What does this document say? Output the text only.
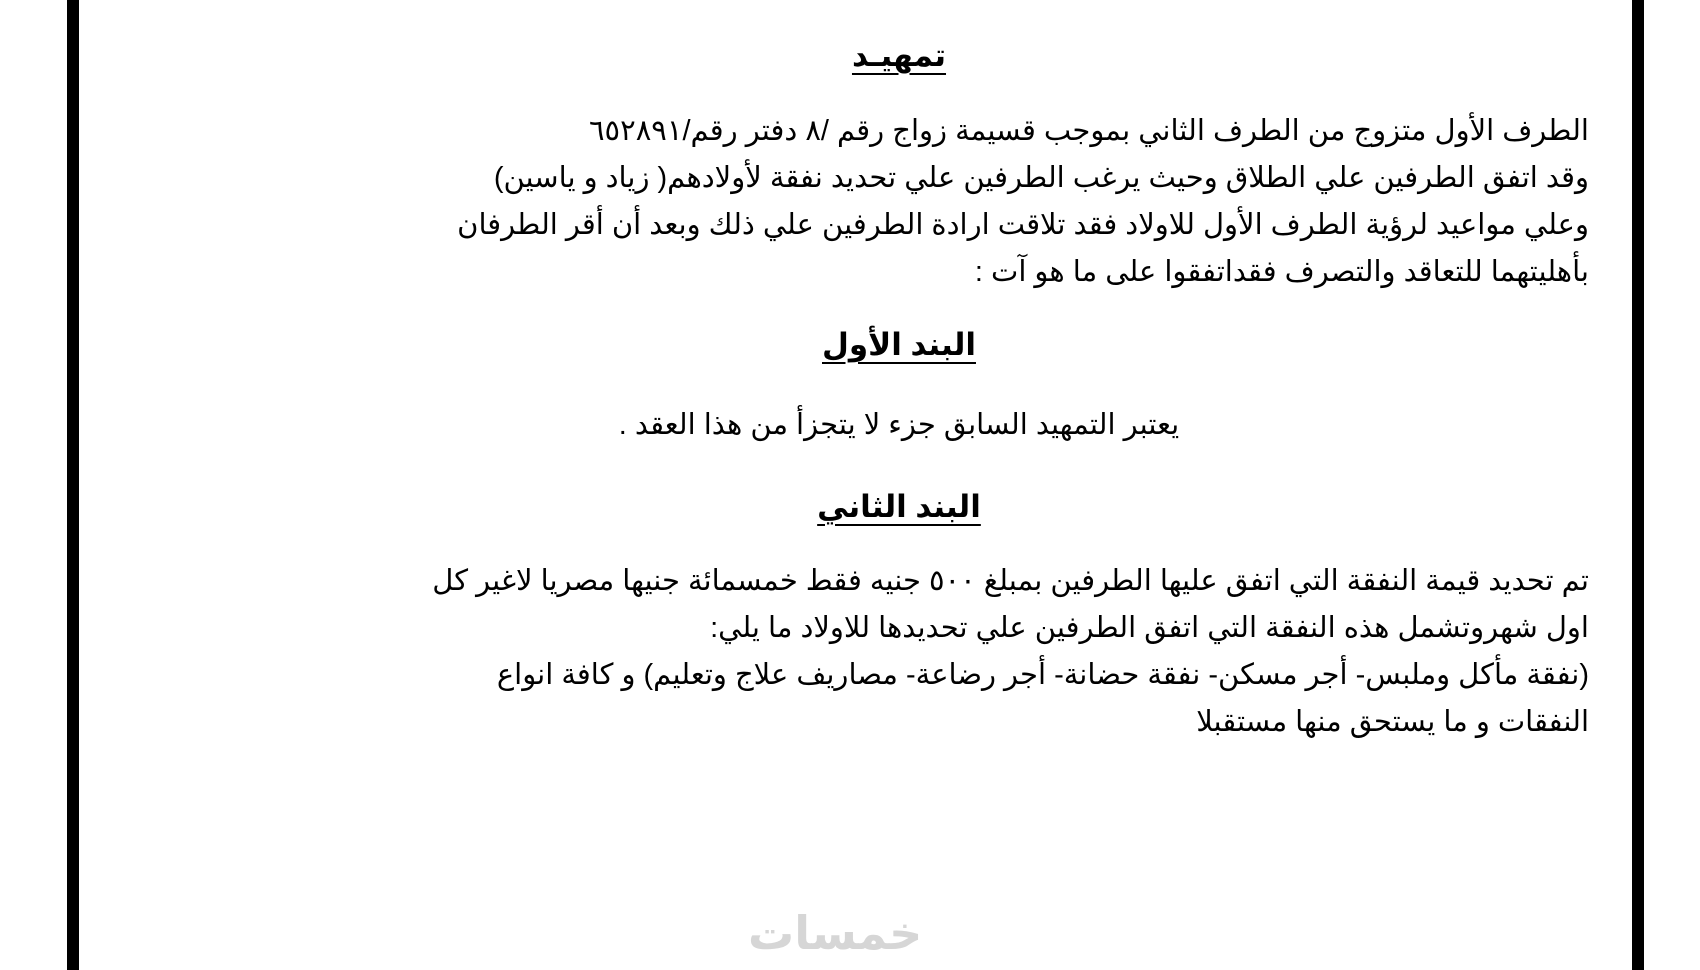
تمهيـد
الطرف الأول متزوج من الطرف الثاني بموجب قسيمة زواج رقم /٨ دفتر رقم/٦٥٢٨٩١
وقد اتفق الطرفين علي الطلاق وحيث يرغب الطرفين علي تحديد نفقة لأولادهم( زياد و ياسين)
وعلي مواعيد لرؤية الطرف الأول للاولاد فقد تلاقت ارادة الطرفين علي ذلك وبعد أن أقر الطرفان
بأهليتهما للتعاقد والتصرف فقداتفقوا على ما هو آت :
البند الأول
يعتبر التمهيد السابق جزء لا يتجزأ من هذا العقد .
البند الثاني
تم تحديد قيمة النفقة التي اتفق عليها الطرفين بمبلغ ٥٠٠ جنيه فقط خمسمائة جنيها مصريا لاغير كل
اول شهروتشمل هذه النفقة التي اتفق الطرفين علي تحديدها للاولاد ما يلي:
(نفقة مأكل وملبس- أجر مسكن- نفقة حضانة- أجر رضاعة- مصاريف علاج وتعليم) و كافة انواع
النفقات و ما يستحق منها مستقبلا
خمسات
